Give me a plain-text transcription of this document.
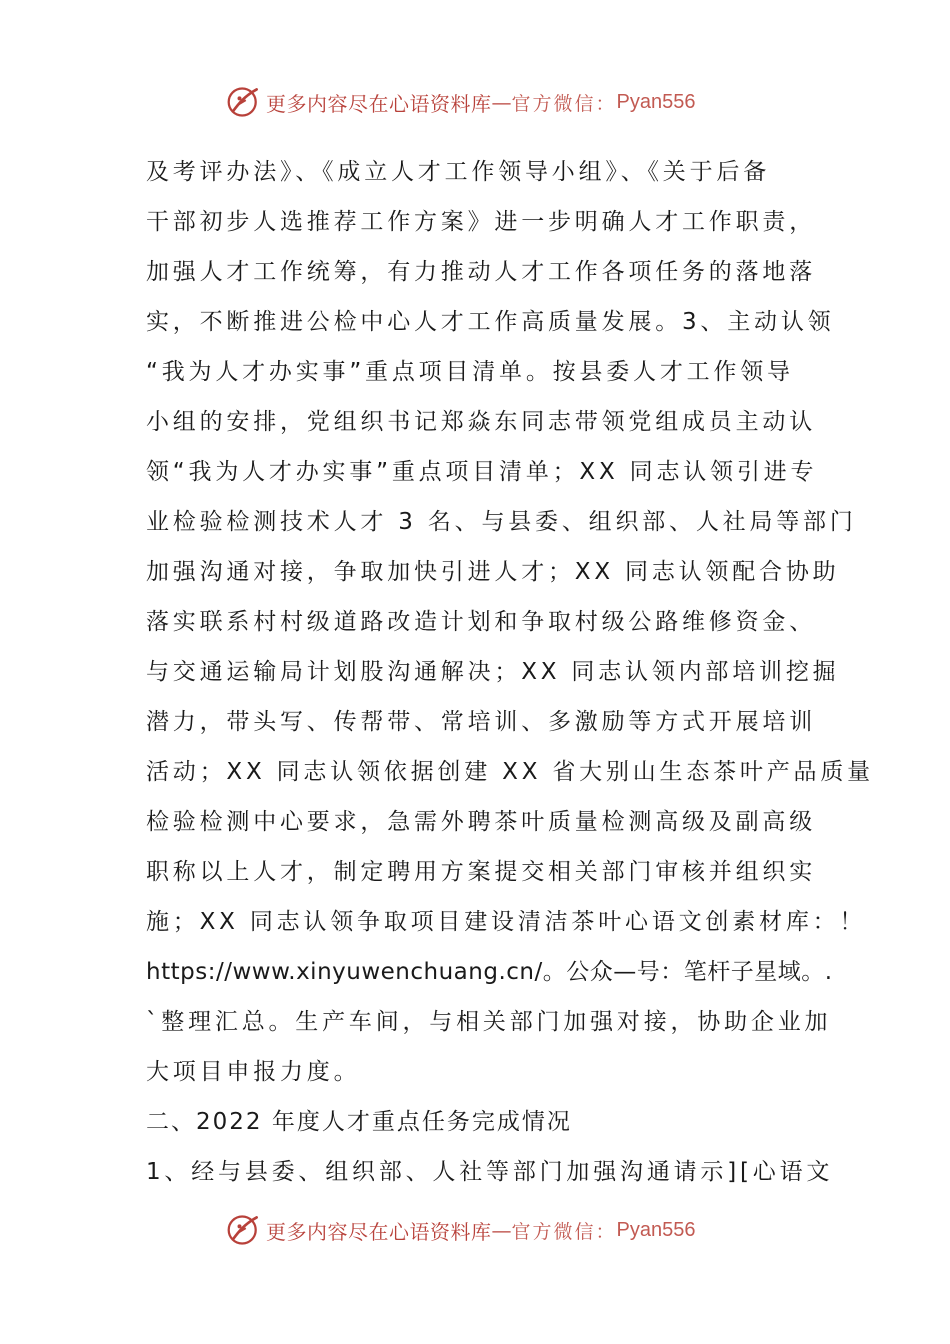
更多内容尽在心语资料库 — 官方微信： Pyan556
及考评办法》、《成立人才工作领导小组》、《关于后备
干部初步人选推荐工作方案》进一步明确人才工作职责，
加强人才工作统筹，有力推动人才工作各项任务的落地落
实，不断推进公检中心人才工作高质量发展。3、主动认领
“我为人才办实事”重点项目清单。按县委人才工作领导
小组的安排，党组织书记郑焱东同志带领党组成员主动认
领“我为人才办实事”重点项目清单；XX 同志认领引进专
业检验检测技术人才 3 名、与县委、组织部、人社局等部门
加强沟通对接，争取加快引进人才；XX 同志认领配合协助
落实联系村村级道路改造计划和争取村级公路维修资金、
与交通运输局计划股沟通解决；XX 同志认领内部培训挖掘
潜力，带头写、传帮带、常培训、多激励等方式开展培训
活动；XX 同志认领依据创建 XX 省大别山生态茶叶产品质量
检验检测中心要求，急需外聘茶叶质量检测高级及副高级
职称以上人才，制定聘用方案提交相关部门审核并组织实
施；XX 同志认领争取项目建设清洁茶叶心语文创素材库：！
https://www.xinyuwenchuang.cn/。公众—号：笔杆子星域。.
`整理汇总。生产车间，与相关部门加强对接，协助企业加
大项目申报力度。
二、2022 年度人才重点任务完成情况
1、经与县委、组织部、人社等部门加强沟通请示][心语文
更多内容尽在心语资料库 — 官方微信： Pyan556
